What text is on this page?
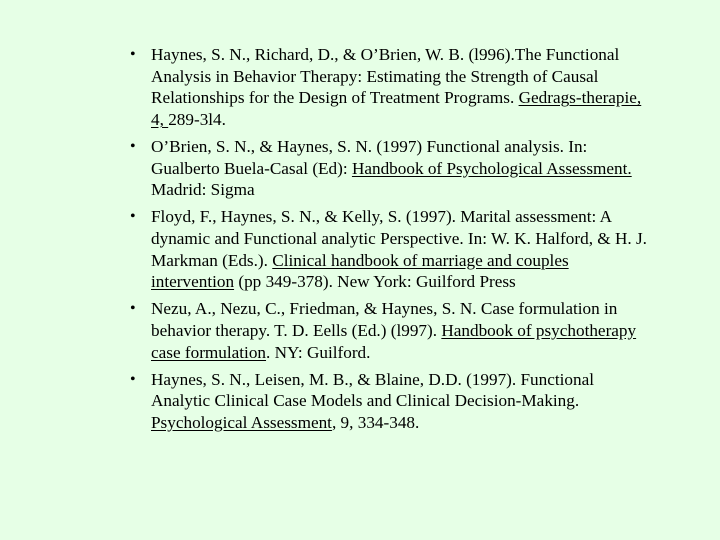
• Haynes, S. N., Richard, D., & O’Brien, W. B. (l996).The Functional Analysis in Behavior Therapy: Estimating the Strength of Causal Relationships for the Design of Treatment Programs. Gedrags-therapie, 4, 289-3l4.
• O’Brien, S. N., & Haynes, S. N. (1997) Functional analysis. In: Gualberto Buela-Casal (Ed): Handbook of Psychological Assessment. Madrid: Sigma
• Floyd, F., Haynes, S. N., & Kelly, S. (1997). Marital assessment: A dynamic and Functional analytic Perspective. In: W. K. Halford, & H. J. Markman (Eds.). Clinical handbook of marriage and couples intervention (pp 349-378). New York: Guilford Press
• Nezu, A., Nezu, C., Friedman, & Haynes, S. N. Case formulation in behavior therapy. T. D. Eells (Ed.) (l997). Handbook of psychotherapy case formulation. NY: Guilford.
• Haynes, S. N., Leisen, M. B., & Blaine, D.D. (1997). Functional Analytic Clinical Case Models and Clinical Decision-Making. Psychological Assessment, 9, 334-348.
